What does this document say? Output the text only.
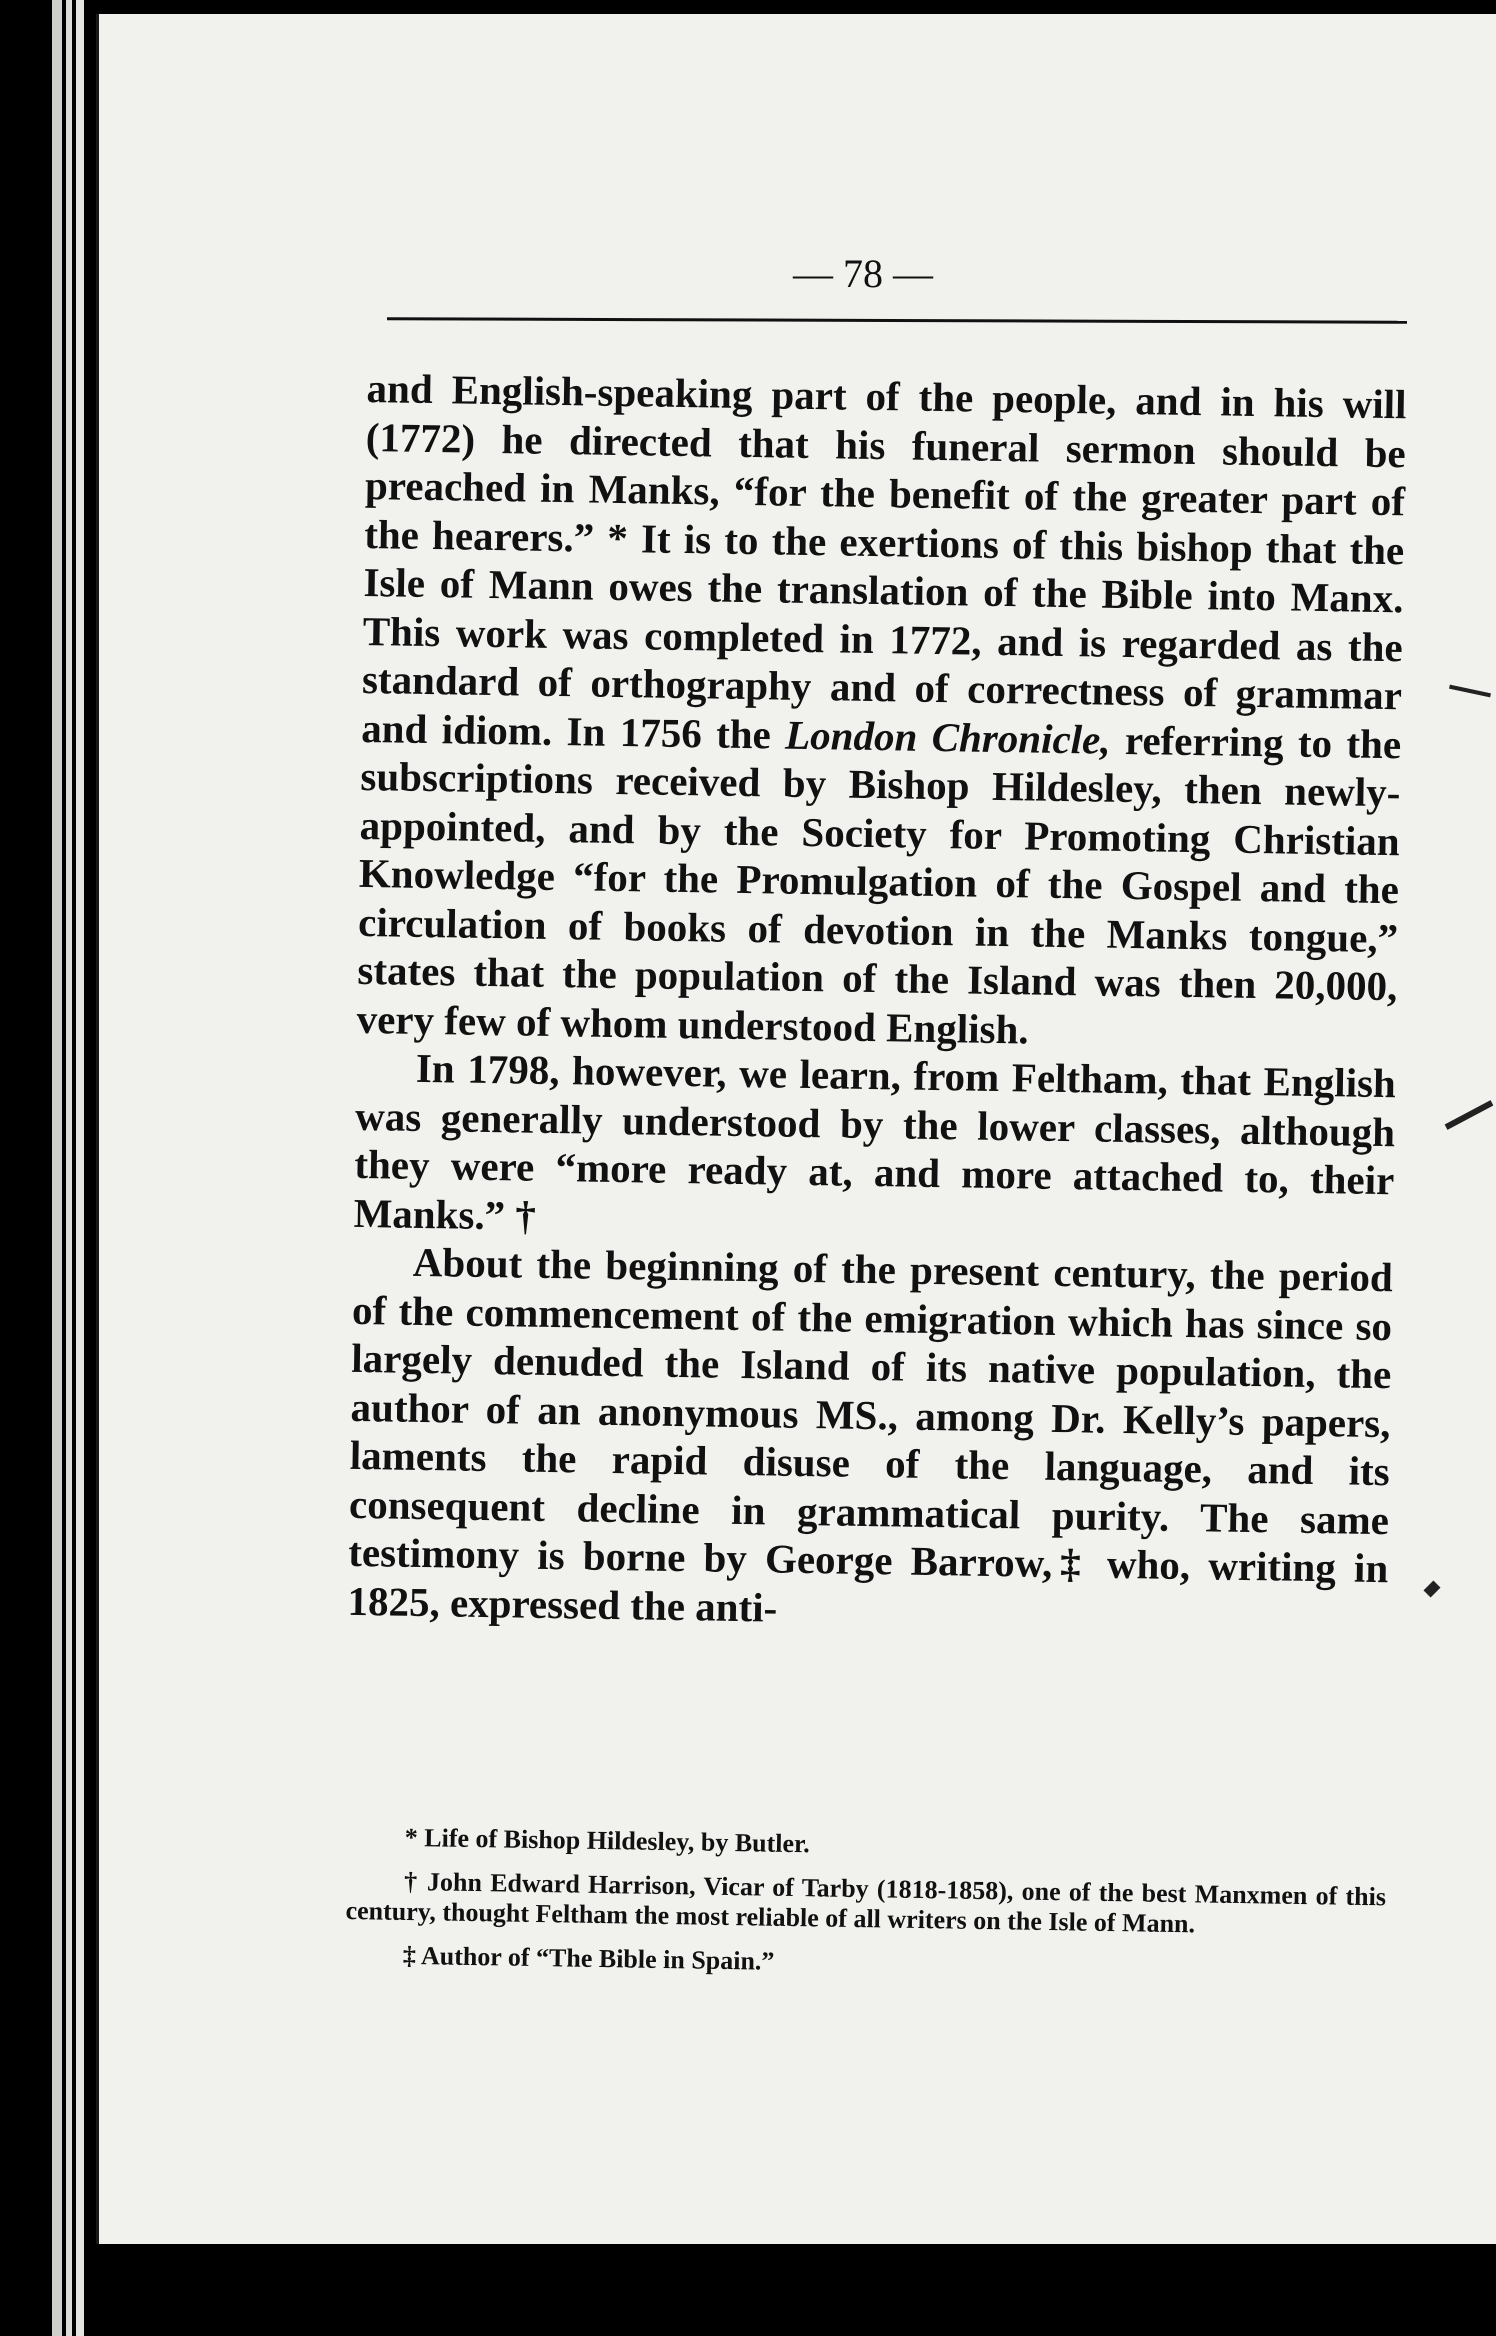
— 78 —

and English-speaking part of the people, and in his will (1772) he directed that his funeral sermon should be preached in Manks, “for the benefit of the greater part of the hearers.” * It is to the exertions of this bishop that the Isle of Mann owes the translation of the Bible into Manx. This work was completed in 1772, and is regarded as the standard of orthography and of correctness of grammar and idiom. In 1756 the London Chronicle, referring to the subscriptions received by Bishop Hildesley, then newly-appointed, and by the Society for Promoting Christian Knowledge “for the Promulgation of the Gospel and the circulation of books of devotion in the Manks tongue,” states that the population of the Island was then 20,000, very few of whom understood English.

In 1798, however, we learn, from Feltham, that English was generally understood by the lower classes, although they were “more ready at, and more attached to, their Manks.” †

About the beginning of the present century, the period of the commencement of the emigration which has since so largely denuded the Island of its native population, the author of an anonymous MS., among Dr. Kelly’s papers, laments the rapid disuse of the language, and its consequent decline in grammatical purity. The same testimony is borne by George Barrow,‡ who, writing in 1825, expressed the anti-

* Life of Bishop Hildesley, by Butler.

† John Edward Harrison, Vicar of Tarby (1818-1858), one of the best Manxmen of this century, thought Feltham the most reliable of all writers on the Isle of Mann.

‡ Author of “The Bible in Spain.”
